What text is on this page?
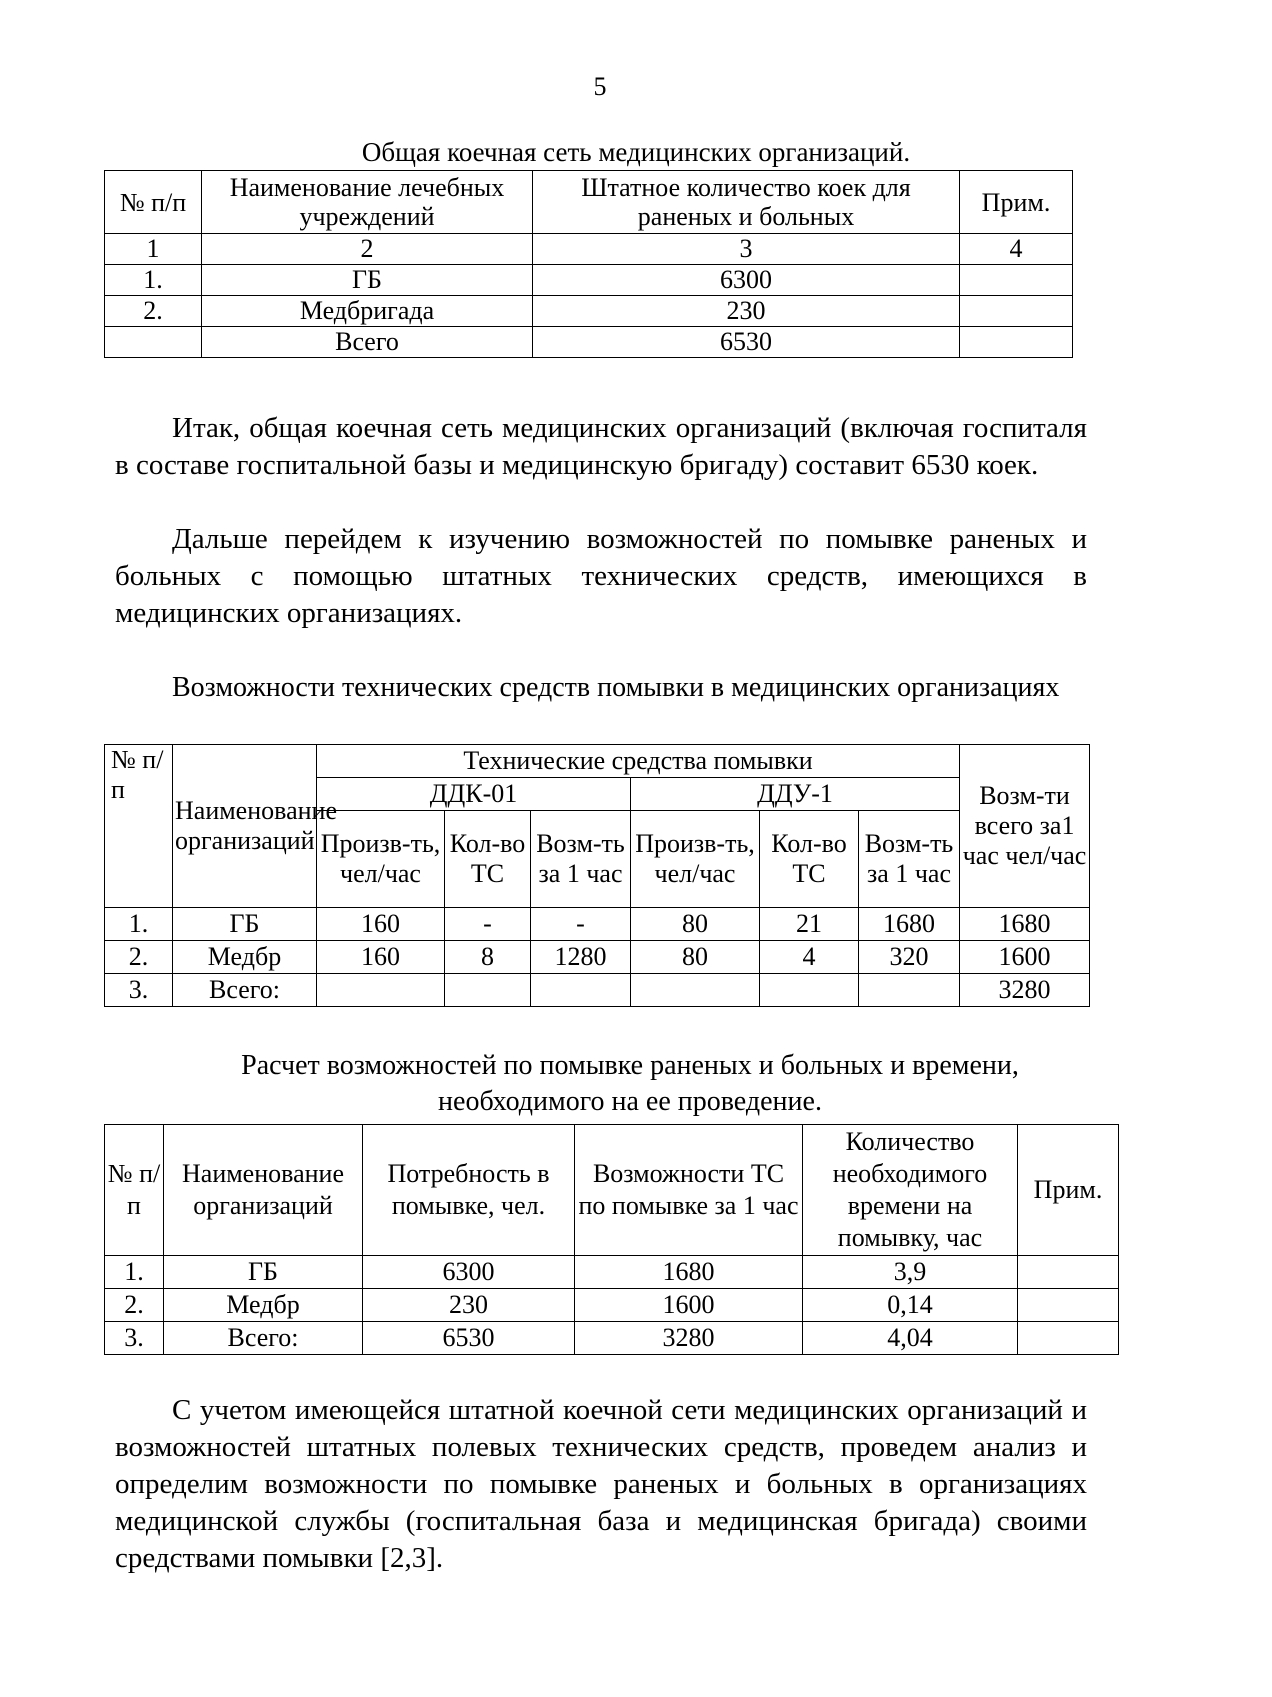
5
Общая коечная сеть медицинских организаций.
№ п/п	Наименование лечебных учреждений	Штатное количество коек для раненых и больных	Прим.
1	2	3	4
1.	ГБ	6300	
2.	Медбригада	230	
	Всего	6530	

Итак, общая коечная сеть медицинских организаций (включая госпиталя в составе госпитальной базы и медицинскую бригаду) составит 6530 коек.

Дальше перейдем к изучению возможностей по помывке раненых и больных с помощью штатных технических средств, имеющихся в медицинских организациях.

Возможности технических средств помывки в медицинских организациях
№ п/п	Наименование организаций	Технические средства помывки						Возм-ти всего за1 час чел/час
		ДДК-01			ДДУ-1			
		Произв-ть, чел/час	Кол-во ТС	Возм-ть за 1 час	Произв-ть, чел/час	Кол-во ТС	Возм-ть за 1 час	
1.	ГБ	160	-	-	80	21	1680	1680
2.	Медбр	160	8	1280	80	4	320	1600
3.	Всего:							3280
Расчет возможностей по помывке раненых и больных и времени, необходимого на ее проведение.
№ п/п	Наименование организаций	Потребность в помывке, чел.	Возможности ТС по помывке за 1 час	Количество необходимого времени на помывку, час	Прим.
1.	ГБ	6300	1680	3,9	
2.	Медбр	230	1600	0,14	
3.	Всего:	6530	3280	4,04	

С учетом имеющейся штатной коечной сети медицинских организаций и возможностей штатных полевых технических средств, проведем анализ и определим возможности по помывке раненых и больных в организациях медицинской службы (госпитальная база и медицинская бригада) своими средствами помывки [2,3].
